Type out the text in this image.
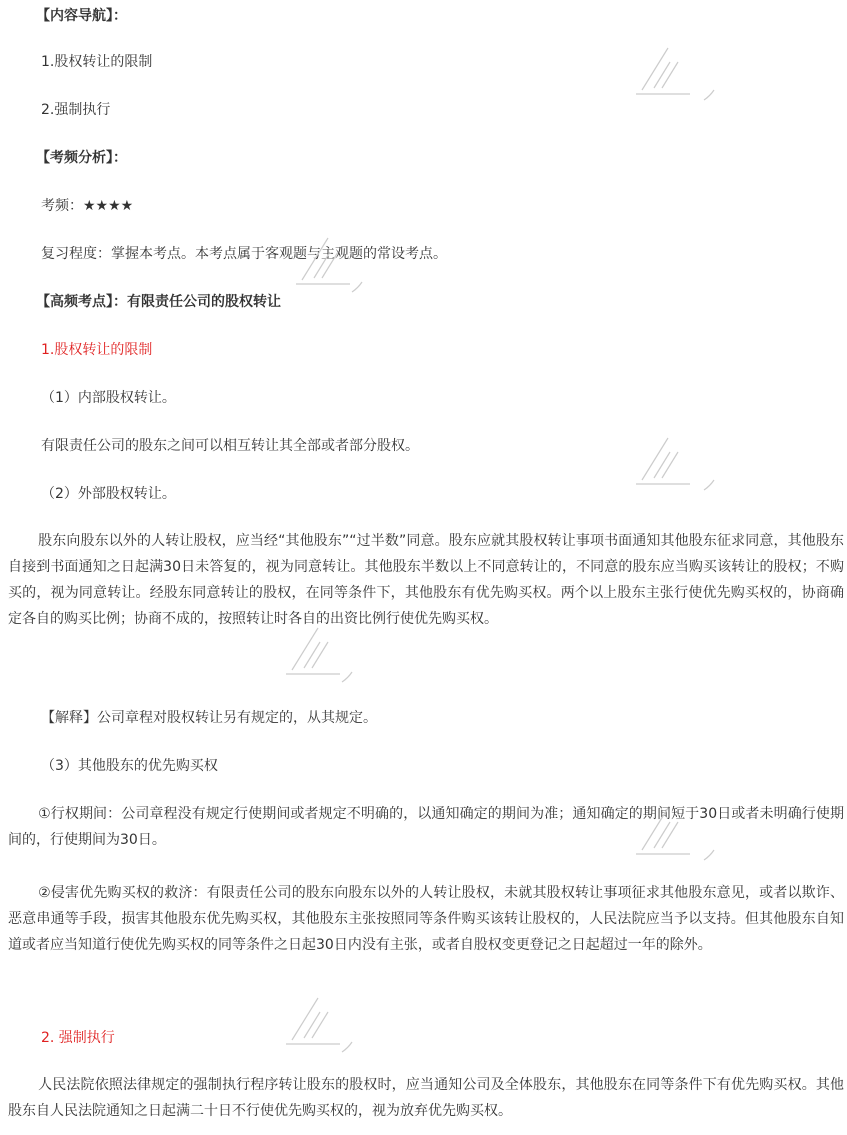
【内容导航】：
1.股权转让的限制
2.强制执行
【考频分析】：
考频：★★★★
复习程度：掌握本考点。本考点属于客观题与主观题的常设考点。
【高频考点】：有限责任公司的股权转让
1.股权转让的限制
（1）内部股权转让。
有限责任公司的股东之间可以相互转让其全部或者部分股权。
（2）外部股权转让。
股东向股东以外的人转让股权，应当经“其他股东”“过半数”同意。股东应就其股权转让事项书面通知其他股东征求同意，其他股东自接到书面通知之日起满30日未答复的，视为同意转让。其他股东半数以上不同意转让的，不同意的股东应当购买该转让的股权；不购买的，视为同意转让。经股东同意转让的股权，在同等条件下，其他股东有优先购买权。两个以上股东主张行使优先购买权的，协商确定各自的购买比例；协商不成的，按照转让时各自的出资比例行使优先购买权。
【解释】公司章程对股权转让另有规定的，从其规定。
（3）其他股东的优先购买权
①行权期间：公司章程没有规定行使期间或者规定不明确的，以通知确定的期间为准；通知确定的期间短于30日或者未明确行使期间的，行使期间为30日。
②侵害优先购买权的救济：有限责任公司的股东向股东以外的人转让股权，未就其股权转让事项征求其他股东意见，或者以欺诈、恶意串通等手段，损害其他股东优先购买权，其他股东主张按照同等条件购买该转让股权的，人民法院应当予以支持。但其他股东自知道或者应当知道行使优先购买权的同等条件之日起30日内没有主张，或者自股权变更登记之日起超过一年的除外。
2. 强制执行
人民法院依照法律规定的强制执行程序转让股东的股权时，应当通知公司及全体股东，其他股东在同等条件下有优先购买权。其他股东自人民法院通知之日起满二十日不行使优先购买权的，视为放弃优先购买权。
